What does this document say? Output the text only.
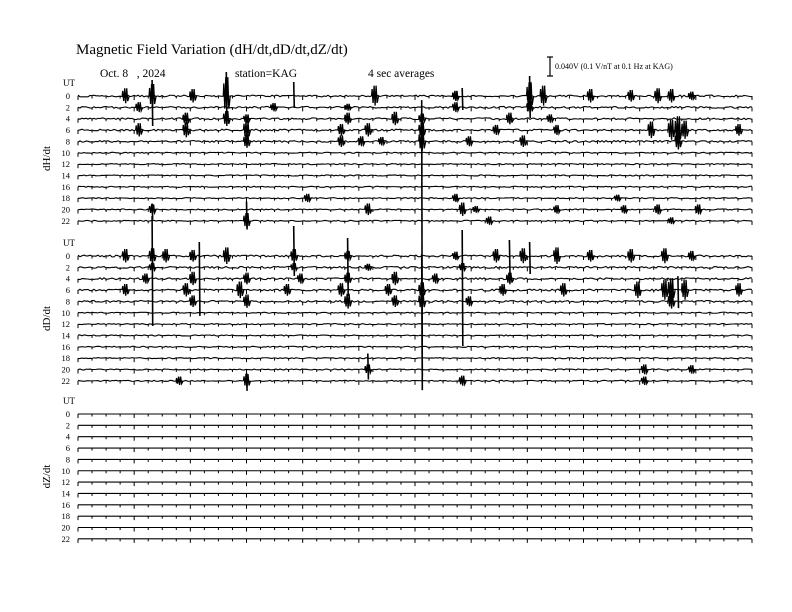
Magnetic Field Variation (dH/dt,dD/dt,dZ/dt)
Oct. 8   , 2024	station=KAG	4 sec averages
0.040V (0.1 V/nT at 0.1 Hz at KAG)
UT
dH/dt
0
2
4
6
8
10
12
14
16
18
20
22
UT
dD/dt
0
2
4
6
8
10
12
14
16
18
20
22
UT
dZ/dt
0
2
4
6
8
10
12
14
16
18
20
22
